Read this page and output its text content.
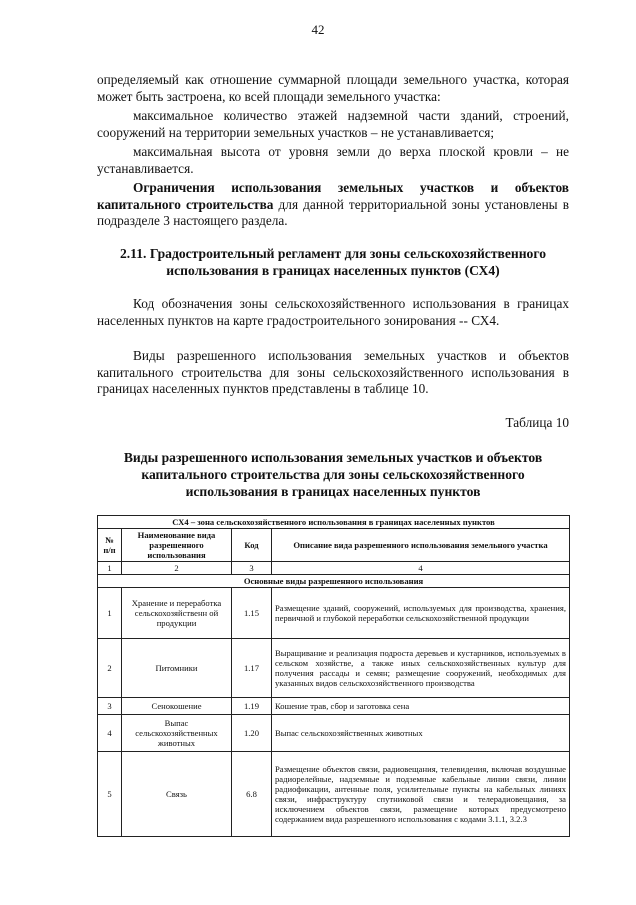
42
определяемый как отношение суммарной площади земельного участка, которая может быть застроена, ко всей площади земельного участка:
максимальное количество этажей надземной части зданий, строений, сооружений на территории земельных участков – не устанавливается;
максимальная высота от уровня земли до верха плоской кровли – не устанавливается.
Ограничения использования земельных участков и объектов капитального строительства для данной территориальной зоны установлены в подразделе 3 настоящего раздела.
2.11. Градостроительный регламент для зоны сельскохозяйственного использования в границах населенных пунктов (СХ4)
Код обозначения зоны сельскохозяйственного использования в границах населенных пунктов на карте градостроительного зонирования -- СХ4.
Виды разрешенного использования земельных участков и объектов капитального строительства для зоны сельскохозяйственного использования в границах населенных пунктов представлены в таблице 10.
Таблица 10
Виды разрешенного использования земельных участков и объектов капитального строительства для зоны сельскохозяйственного использования в границах населенных пунктов
СХ4 – зона сельскохозяйственного использования в границах населенных пунктов			
№ п/п	Наименование вида разрешенного использования	Код	Описание вида разрешенного использования земельного участка
1	2	3	4
Основные виды разрешенного использования			
1	Хранение и переработка сельскохозяйственн ой продукции	1.15	Размещение зданий, сооружений, используемых для производства, хранения, первичной и глубокой переработки сельскохозяйственной продукции
2	Питомники	1.17	Выращивание и реализация подроста деревьев и кустарников, используемых в сельском хозяйстве, а также иных сельскохозяйственных культур для получения рассады и семян; размещение сооружений, необходимых для указанных видов сельскохозяйственного производства
3	Сенокошение	1.19	Кошение трав, сбор и заготовка сена
4	Выпас сельскохозяйственных животных	1.20	Выпас сельскохозяйственных животных
5	Связь	6.8	Размещение объектов связи, радиовещания, телевидения, включая воздушные радиорелейные, надземные и подземные кабельные линии связи, линии радиофикации, антенные поля, усилительные пункты на кабельных линиях связи, инфраструктуру спутниковой связи и телерадиовещания, за исключением объектов связи, размещение которых предусмотрено содержанием вида разрешенного использования с кодами 3.1.1, 3.2.3
